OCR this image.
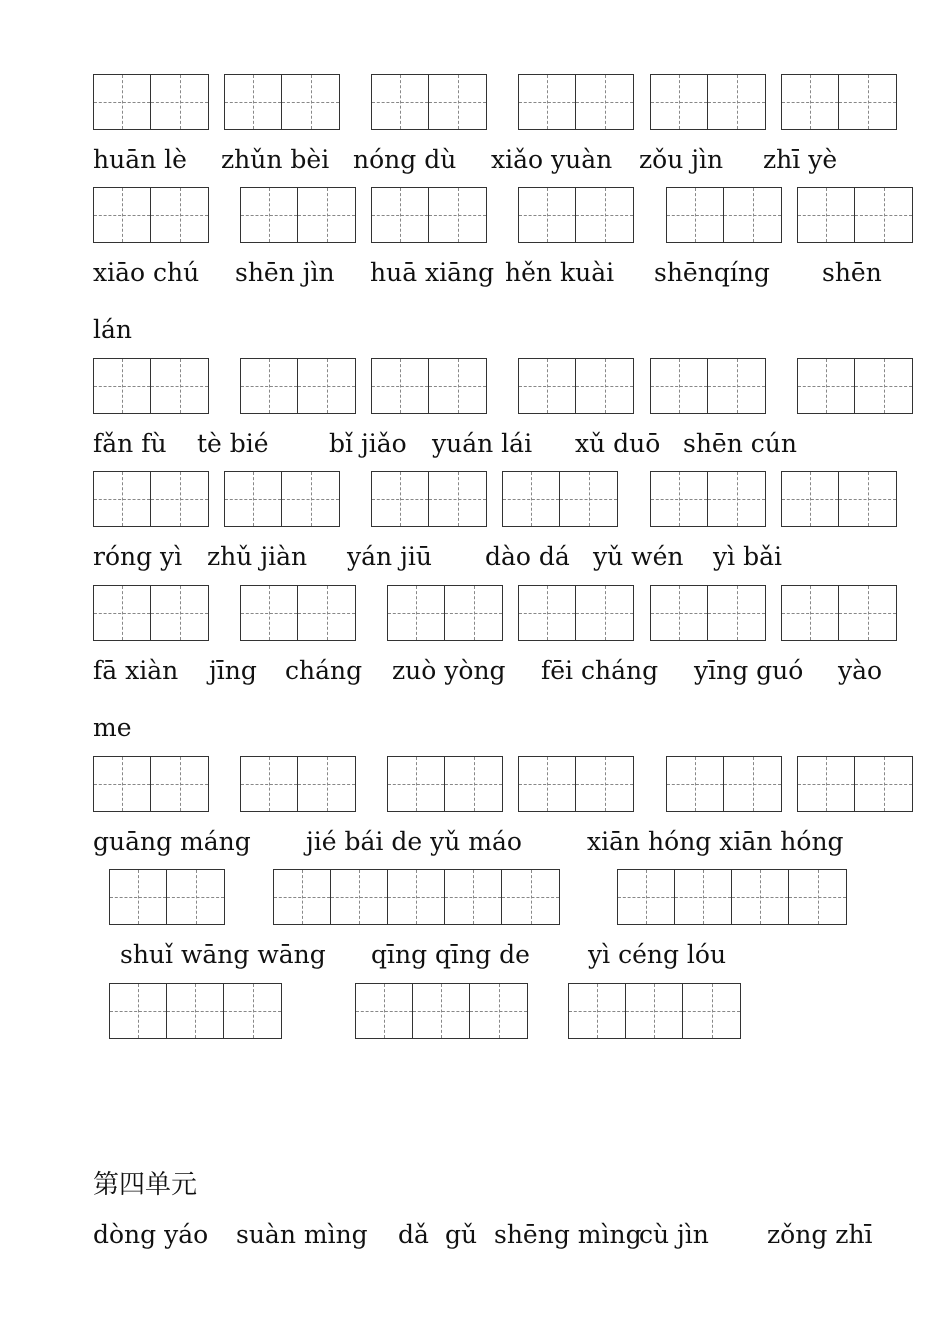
第四单元
dòng yáo suàn mìng dǎ gǔ shēng mìng
cù jìn zǒng zhī
huān lè zhǔn bèi nóng dù xiǎo yuàn zǒu jìn zhī yè
xiāo chú shēn jìn huā xiāng hěn kuài shēnqíng shēn
lán
fǎn fù tè bié bǐ jiǎo yuán lái xǔ duō shēn cún
róng yì zhǔ jiàn yán jiū dào dá yǔ wén yì bǎi
fā xiàn jīng cháng zuò yòng fēi cháng yīng guó yào
me
guāng máng jié bái de yǔ máo	xiān hóng xiān hóng
shuǐ wāng wāng qīng qīng de yì céng lóu
